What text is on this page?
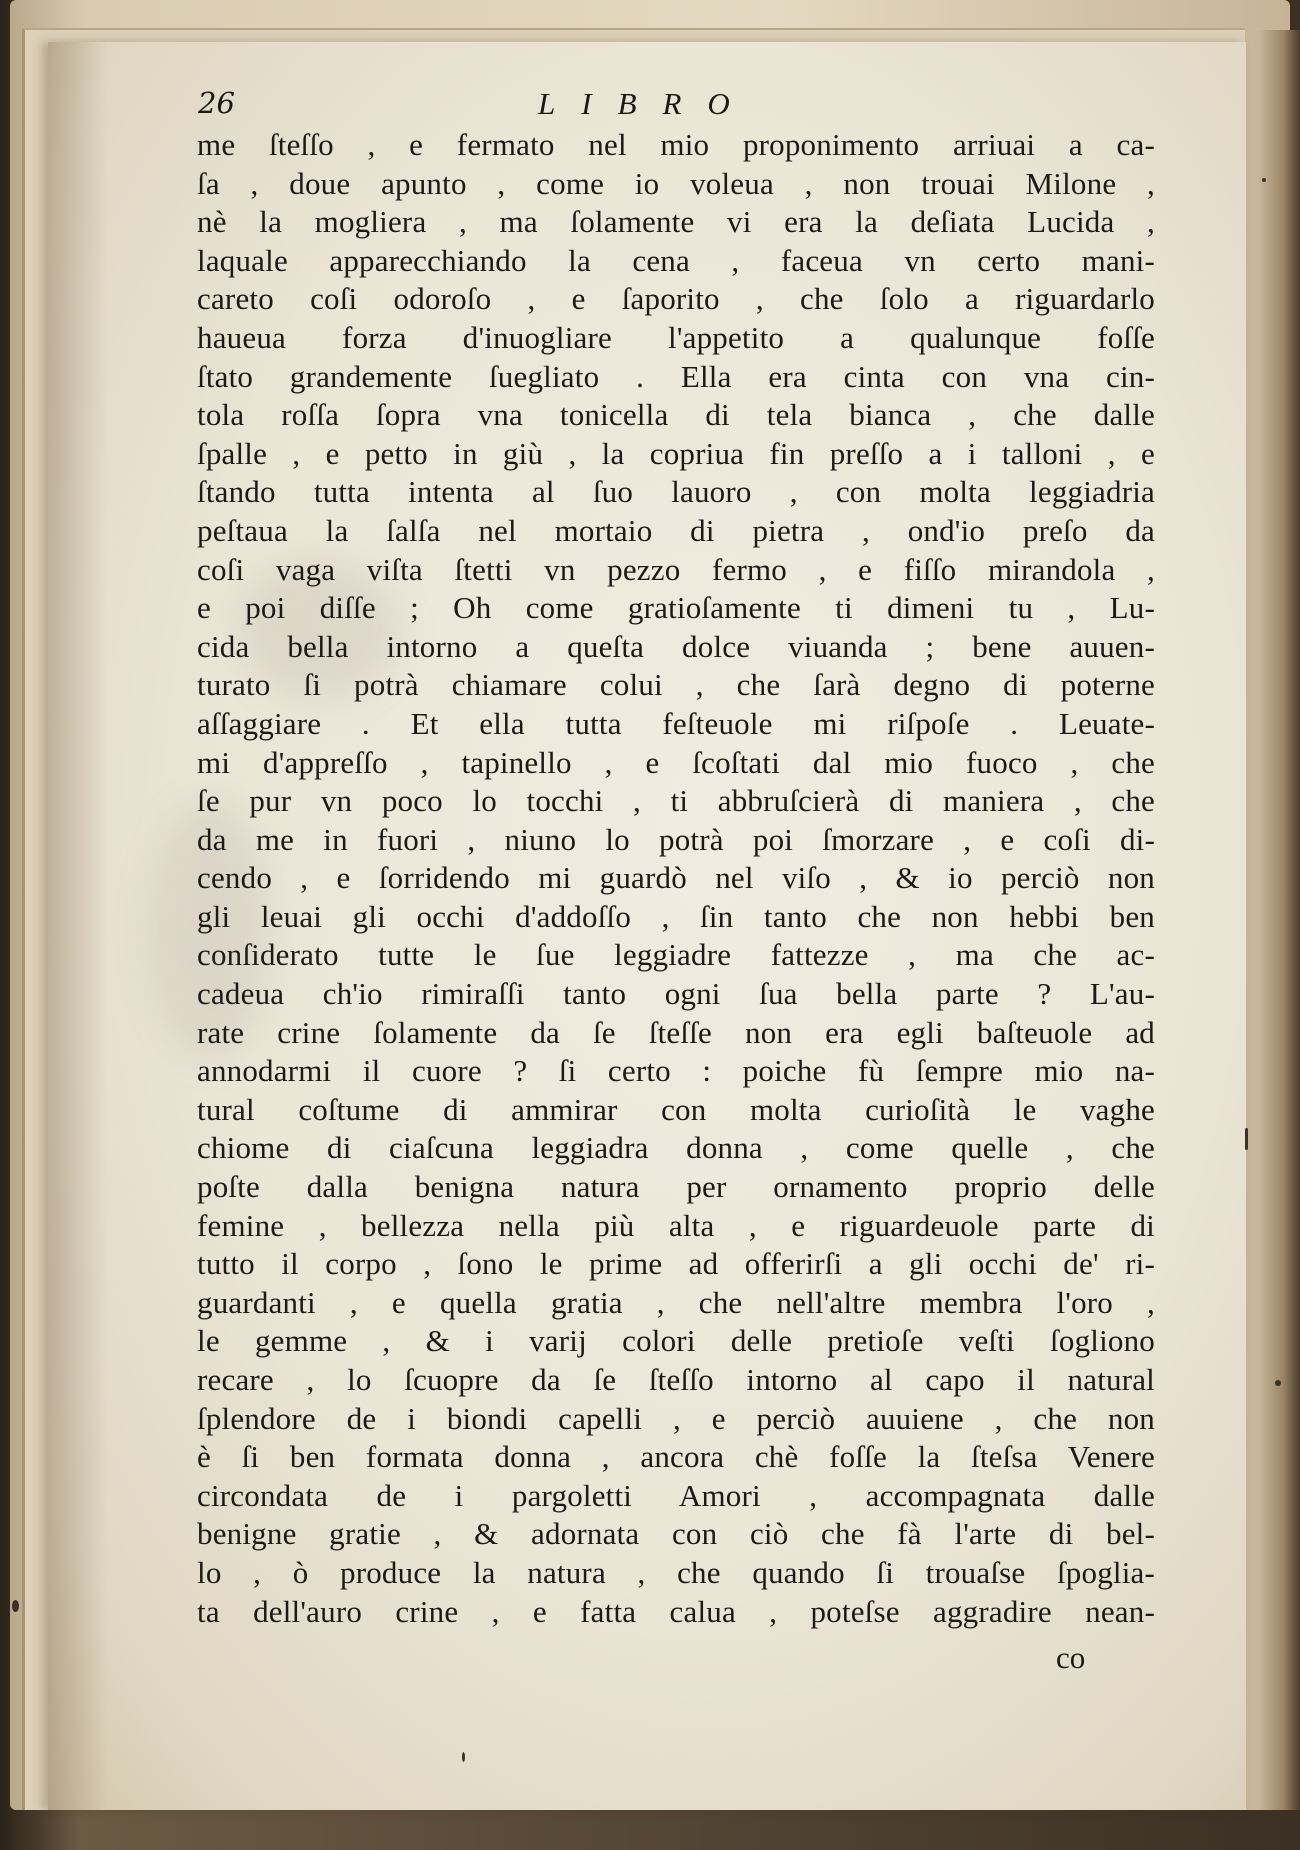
26	LIBRO
me ſteſſo , e fermato nel mio proponimento arriuai a ca-
ſa , doue apunto , come io voleua , non trouai Milone ,
nè la mogliera , ma ſolamente vi era la deſiata Lucida ,
laquale apparecchiando la cena , faceua vn certo mani-
careto coſi odoroſo , e ſaporito , che ſolo a riguardarlo
haueua forza d'inuogliare l'appetito a qualunque foſſe
ſtato grandemente ſuegliato . Ella era cinta con vna cin-
tola roſſa ſopra vna tonicella di tela bianca , che dalle
ſpalle , e petto in giù , la copriua fin preſſo a i talloni , e
ſtando tutta intenta al ſuo lauoro , con molta leggiadria
peſtaua la ſalſa nel mortaio di pietra , ond'io preſo da
coſi vaga viſta ſtetti vn pezzo fermo , e fiſſo mirandola ,
e poi diſſe ; Oh come gratioſamente ti dimeni tu , Lu-
cida bella intorno a queſta dolce viuanda ; bene auuen-
turato ſi potrà chiamare colui , che ſarà degno di poterne
aſſaggiare . Et ella tutta feſteuole mi riſpoſe . Leuate-
mi d'appreſſo , tapinello , e ſcoſtati dal mio fuoco , che
ſe pur vn poco lo tocchi , ti abbruſcierà di maniera , che
da me in fuori , niuno lo potrà poi ſmorzare , e coſi di-
cendo , e ſorridendo mi guardò nel viſo , & io perciò non
gli leuai gli occhi d'addoſſo , ſin tanto che non hebbi ben
conſiderato tutte le ſue leggiadre fattezze , ma che ac-
cadeua ch'io rimiraſſi tanto ogni ſua bella parte ? L'au-
rate crine ſolamente da ſe ſteſſe non era egli baſteuole ad
annodarmi il cuore ? ſi certo : poiche fù ſempre mio na-
tural coſtume di ammirar con molta curioſità le vaghe
chiome di ciaſcuna leggiadra donna , come quelle , che
poſte dalla benigna natura per ornamento proprio delle
femine , bellezza nella più alta , e riguardeuole parte di
tutto il corpo , ſono le prime ad offerirſi a gli occhi de' ri-
guardanti , e quella gratia , che nell'altre membra l'oro ,
le gemme , & i varij colori delle pretioſe veſti ſogliono
recare , lo ſcuopre da ſe ſteſſo intorno al capo il natural
ſplendore de i biondi capelli , e perciò auuiene , che non
è ſi ben formata donna , ancora chè foſſe la ſteſsa Venere
circondata de i pargoletti Amori , accompagnata dalle
benigne gratie , & adornata con ciò che fà l'arte di bel-
lo , ò produce la natura , che quando ſi trouaſse ſpoglia-
ta dell'auro crine , e fatta calua , poteſse aggradire nean-
co
